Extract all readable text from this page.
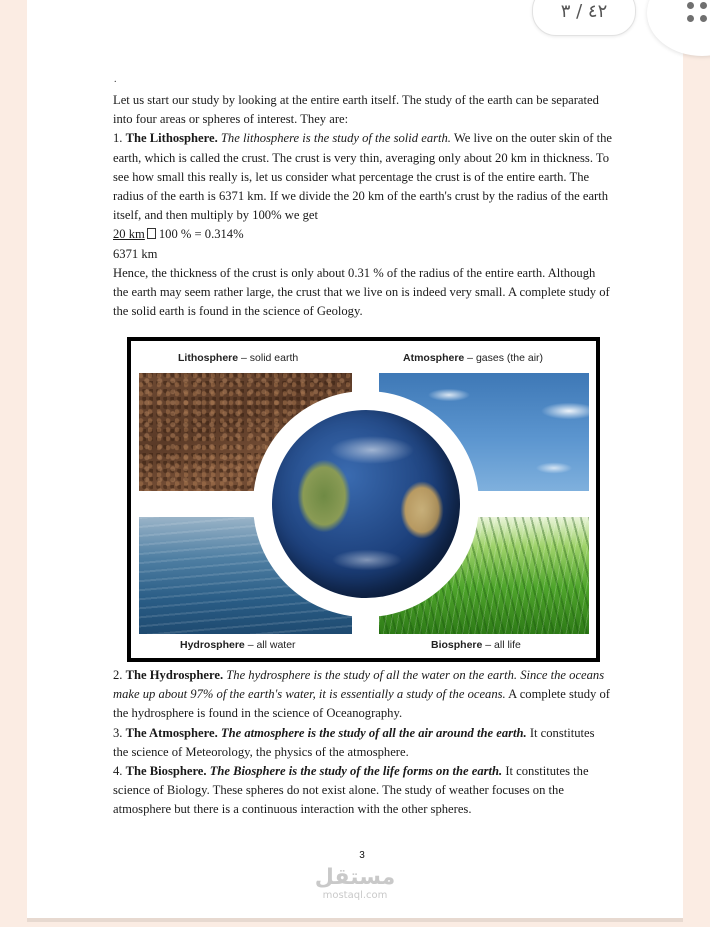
٤٢ / ٣
.

Let us start our study by looking at the entire earth itself. The study of the earth can be separated into four areas or spheres of interest. They are:

1. The Lithosphere. The lithosphere is the study of the solid earth. We live on the outer skin of the earth, which is called the crust. The crust is very thin, averaging only about 20 km in thickness. To see how small this really is, let us consider what percentage the crust is of the entire earth. The radius of the earth is 6371 km. If we divide the 20 km of the earth's crust by the radius of the earth itself, and then multiply by 100% we get

20 km 100 % = 0.314%

6371 km

Hence, the thickness of the crust is only about 0.31 % of the radius of the entire earth. Although the earth may seem rather large, the crust that we live on is indeed very small. A complete study of the solid earth is found in the science of Geology.

Lithosphere – solid earth	Atmosphere – gases (the air)
Hydrosphere – all water	Biosphere – all life

2. The Hydrosphere. The hydrosphere is the study of all the water on the earth. Since the oceans make up about 97% of the earth's water, it is essentially a study of the oceans. A complete study of the hydrosphere is found in the science of Oceanography.

3. The Atmosphere. The atmosphere is the study of all the air around the earth. It constitutes the science of Meteorology, the physics of the atmosphere.

4. The Biosphere. The Biosphere is the study of the life forms on the earth. It constitutes the science of Biology. These spheres do not exist alone. The study of weather focuses on the atmosphere but there is a continuous interaction with the other spheres.

3
مستقل
mostaql.com
